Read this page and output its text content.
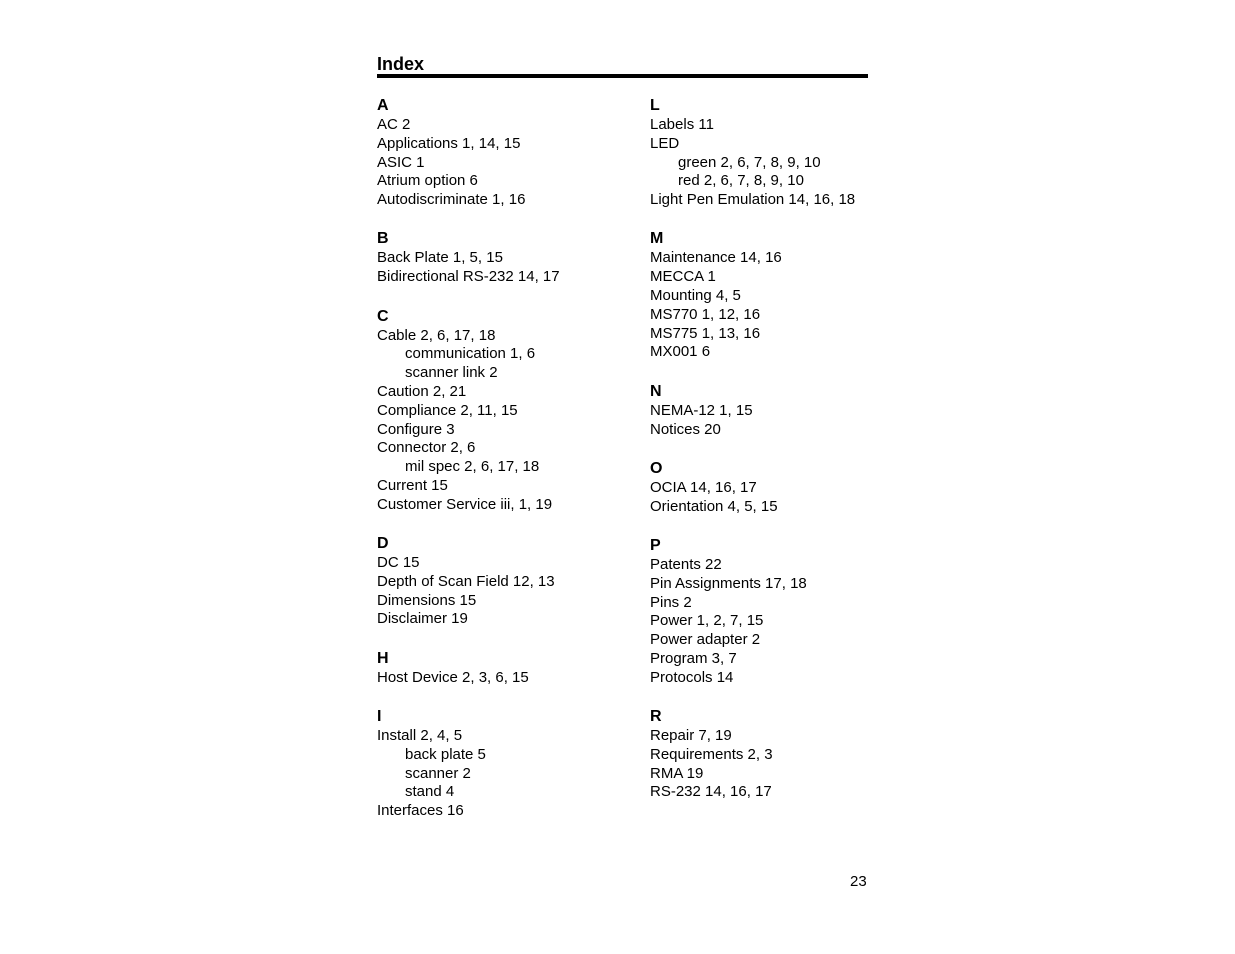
Index
A
AC 2
Applications 1, 14, 15
ASIC 1
Atrium option 6
Autodiscriminate 1, 16
B
Back Plate 1, 5, 15
Bidirectional RS-232 14, 17
C
Cable 2, 6, 17, 18
communication 1, 6
scanner link 2
Caution 2, 21
Compliance 2, 11, 15
Configure 3
Connector 2, 6
mil spec 2, 6, 17, 18
Current 15
Customer Service iii, 1, 19
D
DC 15
Depth of Scan Field 12, 13
Dimensions 15
Disclaimer 19
H
Host Device 2, 3, 6, 15
I
Install 2, 4, 5
back plate 5
scanner 2
stand 4
Interfaces 16
L
Labels 11
LED
green 2, 6, 7, 8, 9, 10
red 2, 6, 7, 8, 9, 10
Light Pen Emulation 14, 16, 18
M
Maintenance 14, 16
MECCA 1
Mounting 4, 5
MS770 1, 12, 16
MS775 1, 13, 16
MX001 6
N
NEMA-12 1, 15
Notices 20
O
OCIA 14, 16, 17
Orientation 4, 5, 15
P
Patents 22
Pin Assignments 17, 18
Pins 2
Power 1, 2, 7, 15
Power adapter 2
Program 3, 7
Protocols 14
R
Repair 7, 19
Requirements 2, 3
RMA 19
RS-232 14, 16, 17
23
